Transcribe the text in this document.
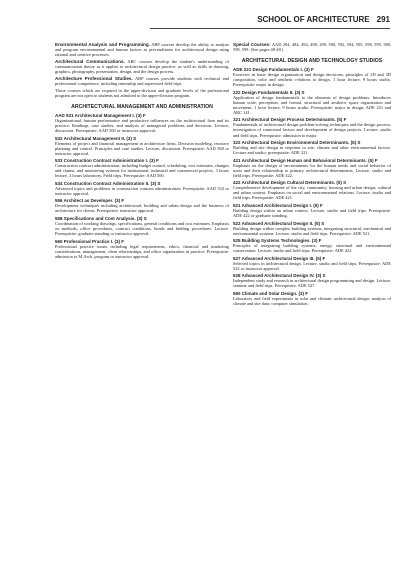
SCHOOL OF ARCHITECTURE 291

Environmental Analysis and Programming. ARP courses develop the ability to analyze and program environmental and human factors as preconditions for architectural design using rational and creative processes.

Architectural Communications. ARC courses develop the student's understanding of communication theory as it applies to architectural design practice, as well as skills in drawing, graphics, photography, presentation, design, and the design process.

Architecture Professional Studies. ARP courses provide students with technical and professional competence, including internship and supervised field trips.

Those courses which are required in the upper-division and graduate levels of the professional program are not open to students not admitted to the upper-division program.

ARCHITECTURAL MANAGEMENT AND ADMINISTRATION
AAD 531 Architectural Management I. (3) F

Organizational, human performance and productive influences on the architectural firm and its practice. Readings, case studies, and analysis of managerial problems and decisions. Lecture, discussion. Prerequisite: AAD 560 or instructor approval.

532 Architectural Management II. (3) S

Elements of project and financial management in architecture firms. Decision modeling, resource planning and control. Principles and case studies. Lecture, discussion. Prerequisite: AAD 560 or instructor approval.

533 Construction Contract Administration I. (3) F

Construction contract administration, including budget control, scheduling, cost estimates, changes and claims, and monitoring systems for institutional, industrial and commercial projects. 3 hours lecture, 3 hours laboratory. Field trips. Prerequisite: AAD 560.

534 Construction Contract Administration II. (3) S

Advanced topics and problems in construction contract administration. Prerequisite: AAD 533 or instructor approval.

556 Architect as Developer. (3) F

Development techniques including architectural, building and urban design and the business of architecture for clients. Prerequisite: instructor approval.

558 Specifications and Cost Analysis. (3) S

Coordination of working drawings, specifications, general conditions and cost estimates. Emphasis on methods, office procedures, contract conditions, bonds and bidding procedures. Lecture. Prerequisite: graduate standing or instructor approval.

560 Professional Practice I. (3) F

Professional practice issues including legal requirements, ethics, financial and marketing considerations, management, client relationships, and office organization in practice. Prerequisite: admission to M.Arch. program or instructor approval.

Special Courses: AAD 294, 484, 494, 498, 499, 590, 592, 594, 595, 598, 599, 580, 598, 599. (See pages 48-49.)

ARCHITECTURAL DESIGN AND TECHNOLOGY STUDIOS
ADE 221 Design Fundamentals I. (3) F

Exercises in basic design organization and design decisions; principles of 2D and 3D composition, color and aesthetic relations to design. 1 hour lecture, 9 hours studio. Prerequisite: major in design.

222 Design Fundamentals II. (3) S

Application of design fundamentals to the elements of design problems. Introduces human scale, perception, and formal, structural and aesthetic space organization and movement. 1 hour lecture, 9 hours studio. Prerequisite: major in design; ADE 221 and ARC 141.

321 Architectural Design Process Determinants. (5) F

Fundamentals of architectural design problem-solving techniques and the design process; investigation of contextual factors and development of design projects. Lecture, studio and field trips. Prerequisite: admission to major.

322 Architectural Design Environmental Determinants. (5) S

Building and site design in response to site, climate and other environmental factors. Lecture and studio; prerequisite: ADE 321.

421 Architectural Design Human and Behavioral Determinants. (5) F

Emphasis on the design of environments for the human needs and social behavior of users and their relationship to primary architectural determinants. Lecture, studio and field trips. Prerequisite: ADE 322.

422 Architectural Design Cultural Determinants. (5) S

Comprehensive development of the city, community, housing and urban design; cultural and urban context. Emphasis on social and environmental relations. Lecture, studio and field trips. Prerequisite: ADE 421.

521 Advanced Architectural Design I. (5) F

Building design within an urban context. Lecture, studio and field trips. Prerequisite: ADE 422 or graduate standing.

522 Advanced Architectural Design II. (5) S

Building design within complex building systems, integrating structural, mechanical and environmental systems. Lecture, studio and field trips. Prerequisite: ADE 521.

525 Building Systems Technologies. (3) F

Principles of integrating building systems; energy, structural and environmental conservation. Lecture, studio and field trips. Prerequisite: ADE 422.

527 Advanced Architectural Design III. (5) F

Selected topics in architectural design. Lecture, studio and field trips. Prerequisite: ADE 522 or instructor approval.

528 Advanced Architectural Design IV. (3) S

Independent study and research in architectural design programming and design. Lecture, seminar and field trips. Prerequisite: ADE 527.

560 Climate and Solar Design. (3) F

Laboratory and field experiments in solar and climatic architectural design; analysis of climate and site data; computer simulation.
